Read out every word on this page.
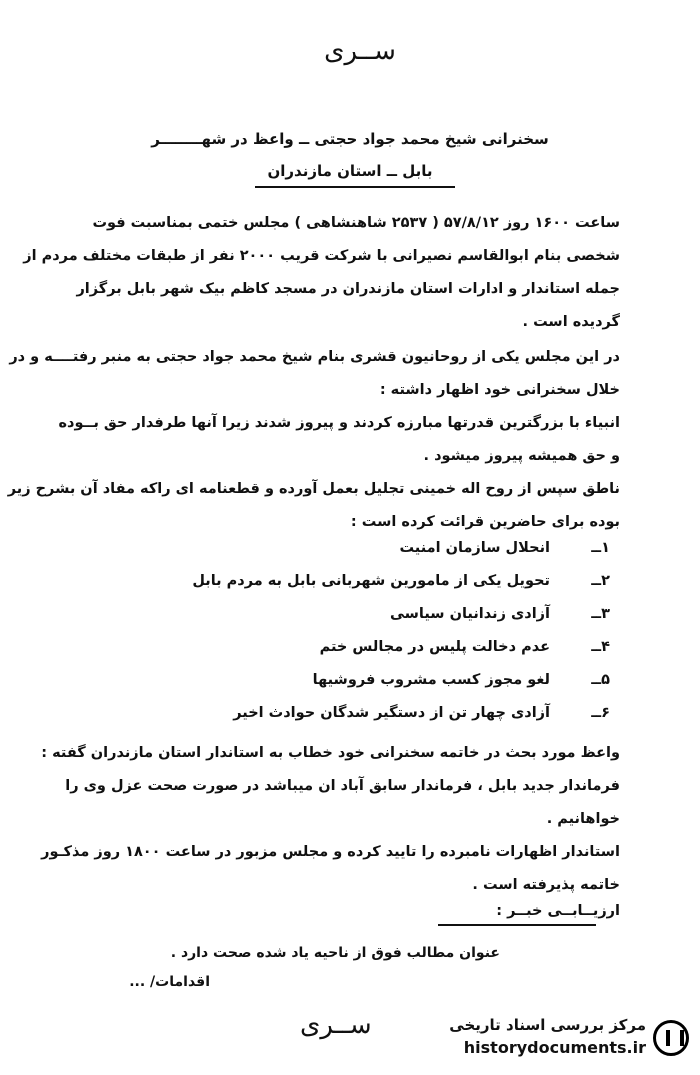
ســری
سخنرانی شیخ محمد جواد حجتی ــ واعظ در شهــــــــر
بابل ــ استان مازندران
ساعت ۱۶۰۰ روز ۵۷/۸/۱۲ ( ۲۵۳۷ شاهنشاهی ) مجلس ختمی بمناسبت فوت
شخصی بنام ابوالقاسم نصیرانی با شرکت قریب ۲۰۰۰ نفر از طبقات مختلف مردم از
جمله استاندار و ادارات استان مازندران در مسجد کاظم بیک شهر بابل برگزار
گردیده است .
در این مجلس یکی از روحانیون قشری بنام شیخ محمد جواد حجتی به منبر رفتــــه و در
خلال سخنرانی خود اظهار داشته :
انبیاء با بزرگترین قدرتها مبارزه کردند و پیروز شدند زیرا آنها طرفدار حق بــوده
و حق همیشه پیروز میشود .
ناطق سپس از روح اله خمینی تجلیل بعمل آورده و قطعنامه ای راکه مفاد آن بشرح زیر
بوده برای حاضرین قرائت کرده است :
۱ــ
انحلال سازمان امنیت
۲ــ
تحویل یکی از مامورین شهربانی بابل به مردم بابل
۳ــ
آزادی زندانیان سیاسی
۴ــ
عدم دخالت پلیس در مجالس ختم
۵ــ
لغو مجوز کسب مشروب فروشیها
۶ــ
آزادی چهار تن از دستگیر شدگان حوادث اخیر
واعظ مورد بحث در خاتمه سخنرانی خود خطاب به استاندار استان مازندران گفته :
فرماندار جدید بابل ، فرماندار سابق آباد ان میباشد در صورت صحت عزل وی را
خواهانیم .
استاندار اظهارات نامبرده را تایید کرده و مجلس مزبور در ساعت ۱۸۰۰ روز مذکـور
خاتمه پذیرفته است .
ارزیــابــی خبــر :
عنوان مطالب فوق از ناحیه یاد شده صحت دارد .
اقدامات/ ...
ســری	مرکز بررسی اسناد تاریخی
historydocuments.ir
